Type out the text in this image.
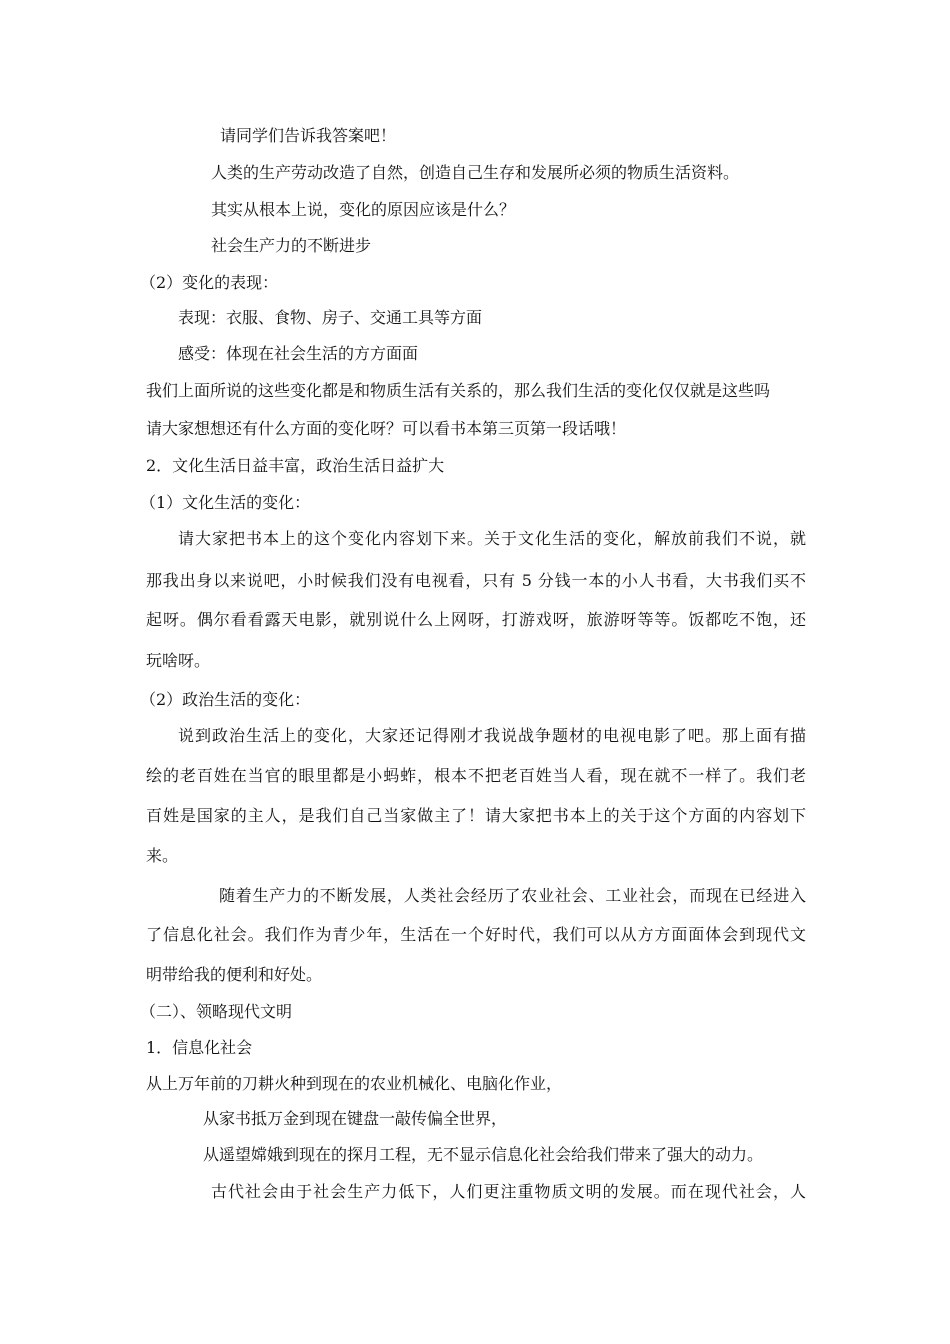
请同学们告诉我答案吧！
人类的生产劳动改造了自然，创造自己生存和发展所必须的物质生活资料。
其实从根本上说，变化的原因应该是什么？
社会生产力的不断进步
（2）变化的表现：
表现：衣服、食物、房子、交通工具等方面
感受：体现在社会生活的方方面面
我们上面所说的这些变化都是和物质生活有关系的，那么我们生活的变化仅仅就是这些吗
请大家想想还有什么方面的变化呀？可以看书本第三页第一段话哦！
2．文化生活日益丰富，政治生活日益扩大
（1）文化生活的变化：
请大家把书本上的这个变化内容划下来。关于文化生活的变化，解放前我们不说，就
那我出身以来说吧，小时候我们没有电视看，只有 5 分钱一本的小人书看，大书我们买不
起呀。偶尔看看露天电影，就别说什么上网呀，打游戏呀，旅游呀等等。饭都吃不饱，还
玩啥呀。
（2）政治生活的变化：
说到政治生活上的变化，大家还记得刚才我说战争题材的电视电影了吧。那上面有描
绘的老百姓在当官的眼里都是小蚂蚱，根本不把老百姓当人看，现在就不一样了。我们老
百姓是国家的主人，是我们自己当家做主了！请大家把书本上的关于这个方面的内容划下
来。
随着生产力的不断发展，人类社会经历了农业社会、工业社会，而现在已经进入
了信息化社会。我们作为青少年，生活在一个好时代，我们可以从方方面面体会到现代文
明带给我的便利和好处。
（二）、领略现代文明
1．信息化社会
从上万年前的刀耕火种到现在的农业机械化、电脑化作业，
从家书抵万金到现在键盘一敲传偏全世界，
从遥望嫦娥到现在的探月工程，无不显示信息化社会给我们带来了强大的动力。
古代社会由于社会生产力低下，人们更注重物质文明的发展。而在现代社会，人
